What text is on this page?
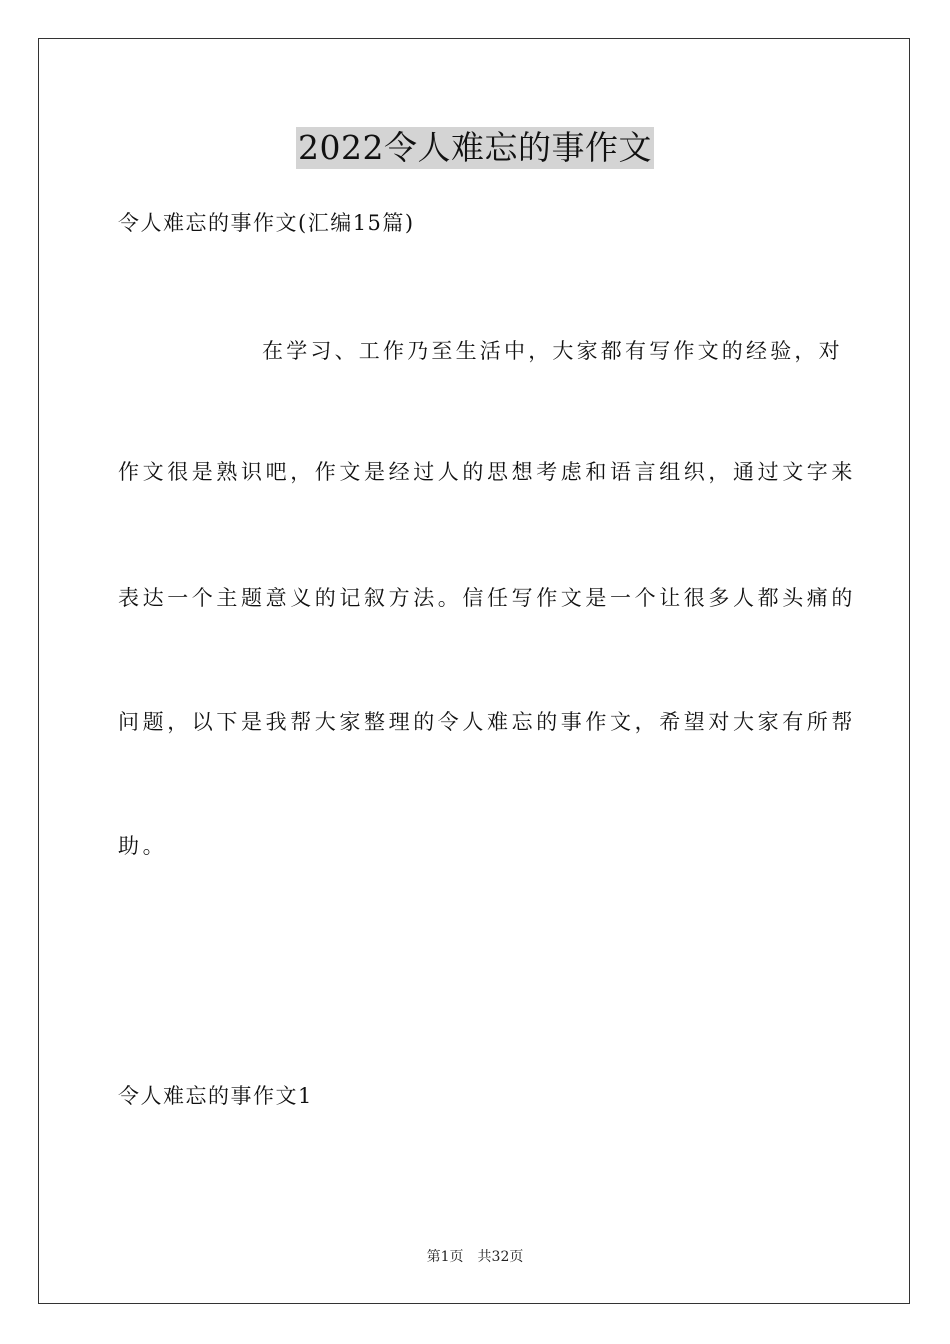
2022令人难忘的事作文
令人难忘的事作文(汇编15篇)
在学习、工作乃至生活中，大家都有写作文的经验，对
作文很是熟识吧，作文是经过人的思想考虑和语言组织，通过文字来
表达一个主题意义的记叙方法。信任写作文是一个让很多人都头痛的
问题，以下是我帮大家整理的令人难忘的事作文，希望对大家有所帮
助。
令人难忘的事作文1
第1页　共32页
